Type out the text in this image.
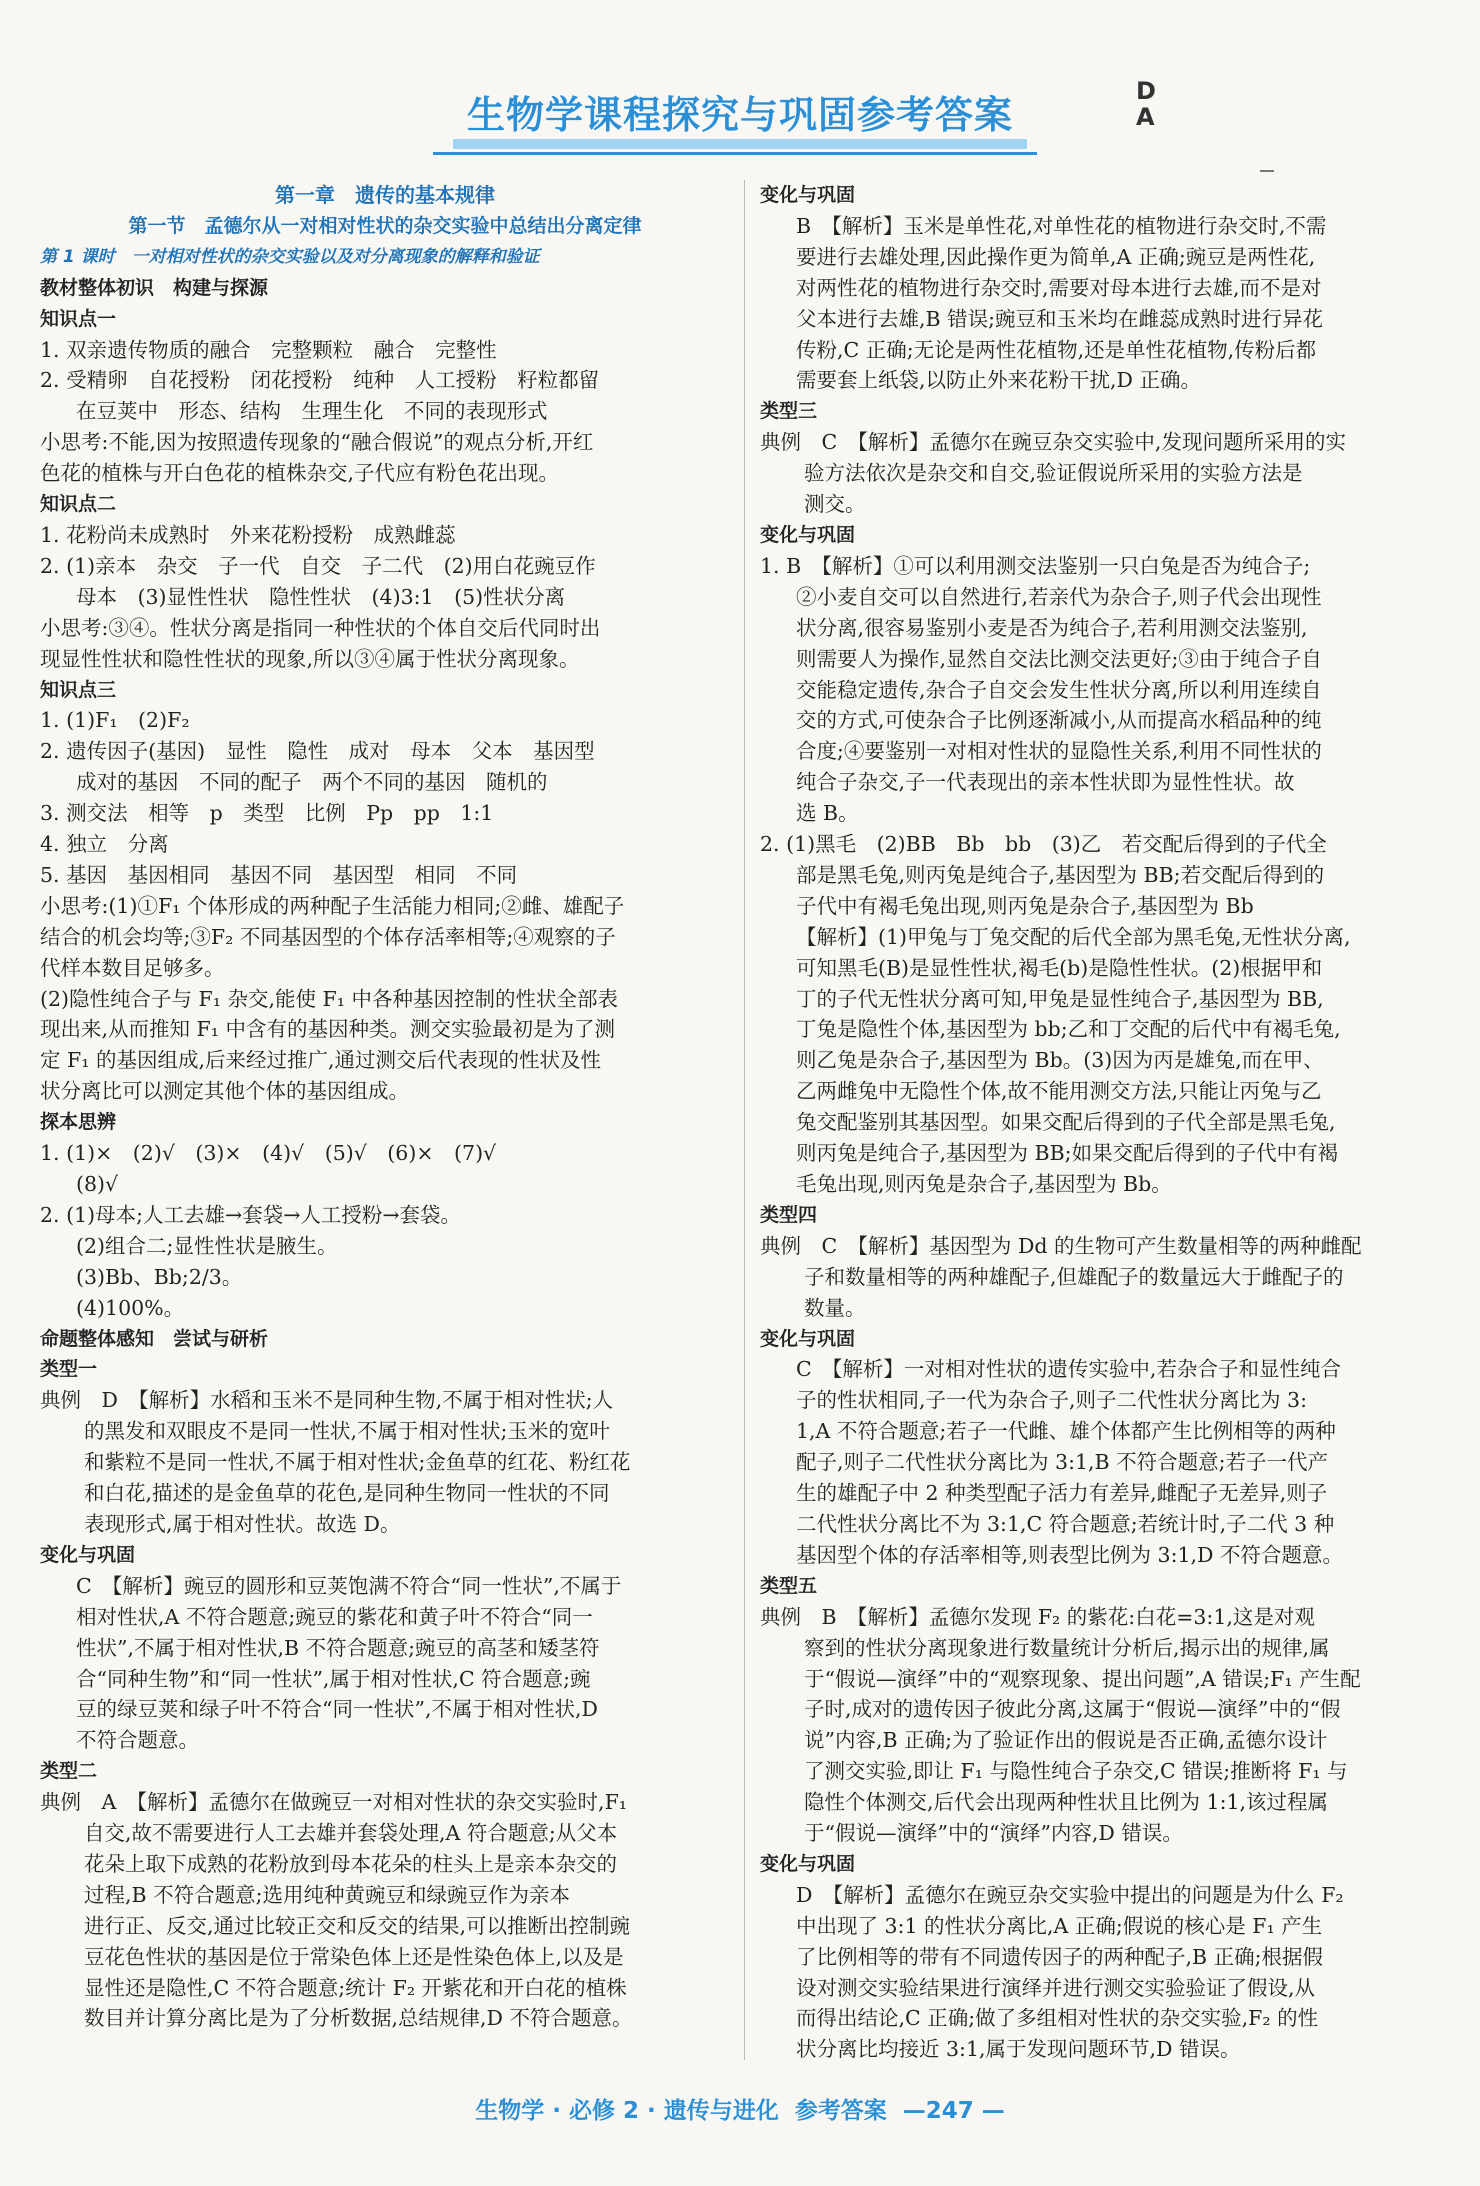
D
A
生物学课程探究与巩固参考答案
第一章　遗传的基本规律
第一节　孟德尔从一对相对性状的杂交实验中总结出分离定律
第 1 课时　一对相对性状的杂交实验以及对分离现象的解释和验证
教材整体初识　构建与探源
知识点一
1. 双亲遗传物质的融合　完整颗粒　融合　完整性
2. 受精卵　自花授粉　闭花授粉　纯种　人工授粉　籽粒都留
在豆荚中　形态、结构　生理生化　不同的表现形式
小思考:不能,因为按照遗传现象的“融合假说”的观点分析,开红
色花的植株与开白色花的植株杂交,子代应有粉色花出现。
知识点二
1. 花粉尚未成熟时　外来花粉授粉　成熟雌蕊
2. (1)亲本　杂交　子一代　自交　子二代　(2)用白花豌豆作
母本　(3)显性性状　隐性性状　(4)3:1　(5)性状分离
小思考:③④。性状分离是指同一种性状的个体自交后代同时出
现显性性状和隐性性状的现象,所以③④属于性状分离现象。
知识点三
1. (1)F₁　(2)F₂
2. 遗传因子(基因)　显性　隐性　成对　母本　父本　基因型
成对的基因　不同的配子　两个不同的基因　随机的
3. 测交法　相等　p　类型　比例　Pp　pp　1:1
4. 独立　分离
5. 基因　基因相同　基因不同　基因型　相同　不同
小思考:(1)①F₁ 个体形成的两种配子生活能力相同;②雌、雄配子
结合的机会均等;③F₂ 不同基因型的个体存活率相等;④观察的子
代样本数目足够多。
(2)隐性纯合子与 F₁ 杂交,能使 F₁ 中各种基因控制的性状全部表
现出来,从而推知 F₁ 中含有的基因种类。测交实验最初是为了测
定 F₁ 的基因组成,后来经过推广,通过测交后代表现的性状及性
状分离比可以测定其他个体的基因组成。
探本思辨
1. (1)×　(2)√　(3)×　(4)√　(5)√　(6)×　(7)√
(8)√
2. (1)母本;人工去雄→套袋→人工授粉→套袋。
(2)组合二;显性性状是腋生。
(3)Bb、Bb;2/3。
(4)100%。
命题整体感知　尝试与研析
类型一
典例　D　【解析】水稻和玉米不是同种生物,不属于相对性状;人
的黑发和双眼皮不是同一性状,不属于相对性状;玉米的宽叶
和紫粒不是同一性状,不属于相对性状;金鱼草的红花、粉红花
和白花,描述的是金鱼草的花色,是同种生物同一性状的不同
表现形式,属于相对性状。故选 D。
变化与巩固
C　【解析】豌豆的圆形和豆荚饱满不符合“同一性状”,不属于
相对性状,A 不符合题意;豌豆的紫花和黄子叶不符合“同一
性状”,不属于相对性状,B 不符合题意;豌豆的高茎和矮茎符
合“同种生物”和“同一性状”,属于相对性状,C 符合题意;豌
豆的绿豆荚和绿子叶不符合“同一性状”,不属于相对性状,D
不符合题意。
类型二
典例　A　【解析】孟德尔在做豌豆一对相对性状的杂交实验时,F₁
自交,故不需要进行人工去雄并套袋处理,A 符合题意;从父本
花朵上取下成熟的花粉放到母本花朵的柱头上是亲本杂交的
过程,B 不符合题意;选用纯种黄豌豆和绿豌豆作为亲本
进行正、反交,通过比较正交和反交的结果,可以推断出控制豌
豆花色性状的基因是位于常染色体上还是性染色体上,以及是
显性还是隐性,C 不符合题意;统计 F₂ 开紫花和开白花的植株
数目并计算分离比是为了分析数据,总结规律,D 不符合题意。
变化与巩固
B　【解析】玉米是单性花,对单性花的植物进行杂交时,不需
要进行去雄处理,因此操作更为简单,A 正确;豌豆是两性花,
对两性花的植物进行杂交时,需要对母本进行去雄,而不是对
父本进行去雄,B 错误;豌豆和玉米均在雌蕊成熟时进行异花
传粉,C 正确;无论是两性花植物,还是单性花植物,传粉后都
需要套上纸袋,以防止外来花粉干扰,D 正确。
类型三
典例　C　【解析】孟德尔在豌豆杂交实验中,发现问题所采用的实
验方法依次是杂交和自交,验证假说所采用的实验方法是
测交。
变化与巩固
1. B　【解析】①可以利用测交法鉴别一只白兔是否为纯合子;
②小麦自交可以自然进行,若亲代为杂合子,则子代会出现性
状分离,很容易鉴别小麦是否为纯合子,若利用测交法鉴别,
则需要人为操作,显然自交法比测交法更好;③由于纯合子自
交能稳定遗传,杂合子自交会发生性状分离,所以利用连续自
交的方式,可使杂合子比例逐渐减小,从而提高水稻品种的纯
合度;④要鉴别一对相对性状的显隐性关系,利用不同性状的
纯合子杂交,子一代表现出的亲本性状即为显性性状。故
选 B。
2. (1)黑毛　(2)BB　Bb　bb　(3)乙　若交配后得到的子代全
部是黑毛兔,则丙兔是纯合子,基因型为 BB;若交配后得到的
子代中有褐毛兔出现,则丙兔是杂合子,基因型为 Bb
【解析】(1)甲兔与丁兔交配的后代全部为黑毛兔,无性状分离,
可知黑毛(B)是显性性状,褐毛(b)是隐性性状。(2)根据甲和
丁的子代无性状分离可知,甲兔是显性纯合子,基因型为 BB,
丁兔是隐性个体,基因型为 bb;乙和丁交配的后代中有褐毛兔,
则乙兔是杂合子,基因型为 Bb。(3)因为丙是雄兔,而在甲、
乙两雌兔中无隐性个体,故不能用测交方法,只能让丙兔与乙
兔交配鉴别其基因型。如果交配后得到的子代全部是黑毛兔,
则丙兔是纯合子,基因型为 BB;如果交配后得到的子代中有褐
毛兔出现,则丙兔是杂合子,基因型为 Bb。
类型四
典例　C　【解析】基因型为 Dd 的生物可产生数量相等的两种雌配
子和数量相等的两种雄配子,但雄配子的数量远大于雌配子的
数量。
变化与巩固
C　【解析】一对相对性状的遗传实验中,若杂合子和显性纯合
子的性状相同,子一代为杂合子,则子二代性状分离比为 3:
1,A 不符合题意;若子一代雌、雄个体都产生比例相等的两种
配子,则子二代性状分离比为 3:1,B 不符合题意;若子一代产
生的雄配子中 2 种类型配子活力有差异,雌配子无差异,则子
二代性状分离比不为 3:1,C 符合题意;若统计时,子二代 3 种
基因型个体的存活率相等,则表型比例为 3:1,D 不符合题意。
类型五
典例　B　【解析】孟德尔发现 F₂ 的紫花:白花=3:1,这是对观
察到的性状分离现象进行数量统计分析后,揭示出的规律,属
于“假说—演绎”中的“观察现象、提出问题”,A 错误;F₁ 产生配
子时,成对的遗传因子彼此分离,这属于“假说—演绎”中的“假
说”内容,B 正确;为了验证作出的假说是否正确,孟德尔设计
了测交实验,即让 F₁ 与隐性纯合子杂交,C 错误;推断将 F₁ 与
隐性个体测交,后代会出现两种性状且比例为 1:1,该过程属
于“假说—演绎”中的“演绎”内容,D 错误。
变化与巩固
D　【解析】孟德尔在豌豆杂交实验中提出的问题是为什么 F₂
中出现了 3:1 的性状分离比,A 正确;假说的核心是 F₁ 产生
了比例相等的带有不同遗传因子的两种配子,B 正确;根据假
设对测交实验结果进行演绎并进行测交实验验证了假设,从
而得出结论,C 正确;做了多组相对性状的杂交实验,F₂ 的性
状分离比均接近 3:1,属于发现问题环节,D 错误。
生物学 · 必修 2 · 遗传与进化 参考答案 —247 —
